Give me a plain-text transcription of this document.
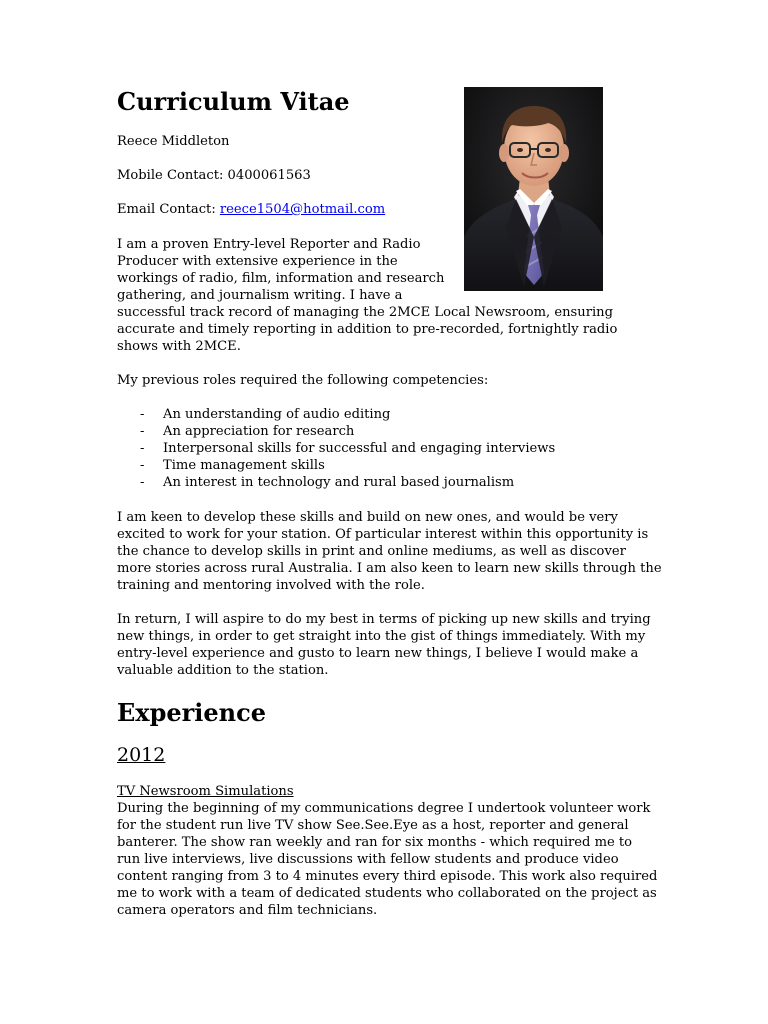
Curriculum Vitae
Reece Middleton
Mobile Contact: 0400061563
Email Contact: reece1504@hotmail.com
I am a proven Entry-level Reporter and Radio
Producer with extensive experience in the
workings of radio, film, information and research
gathering, and journalism writing. I have a
successful track record of managing the 2MCE Local Newsroom, ensuring
accurate and timely reporting in addition to pre-recorded, fortnightly radio
shows with 2MCE.
My previous roles required the following competencies:
- An understanding of audio editing
- An appreciation for research
- Interpersonal skills for successful and engaging interviews
- Time management skills
- An interest in technology and rural based journalism
I am keen to develop these skills and build on new ones, and would be very
excited to work for your station. Of particular interest within this opportunity is
the chance to develop skills in print and online mediums, as well as discover
more stories across rural Australia. I am also keen to learn new skills through the
training and mentoring involved with the role.
In return, I will aspire to do my best in terms of picking up new skills and trying
new things, in order to get straight into the gist of things immediately. With my
entry-level experience and gusto to learn new things, I believe I would make a
valuable addition to the station.
Experience
2012
TV Newsroom Simulations
During the beginning of my communications degree I undertook volunteer work
for the student run live TV show See.See.Eye as a host, reporter and general
banterer. The show ran weekly and ran for six months - which required me to
run live interviews, live discussions with fellow students and produce video
content ranging from 3 to 4 minutes every third episode. This work also required
me to work with a team of dedicated students who collaborated on the project as
camera operators and film technicians.
